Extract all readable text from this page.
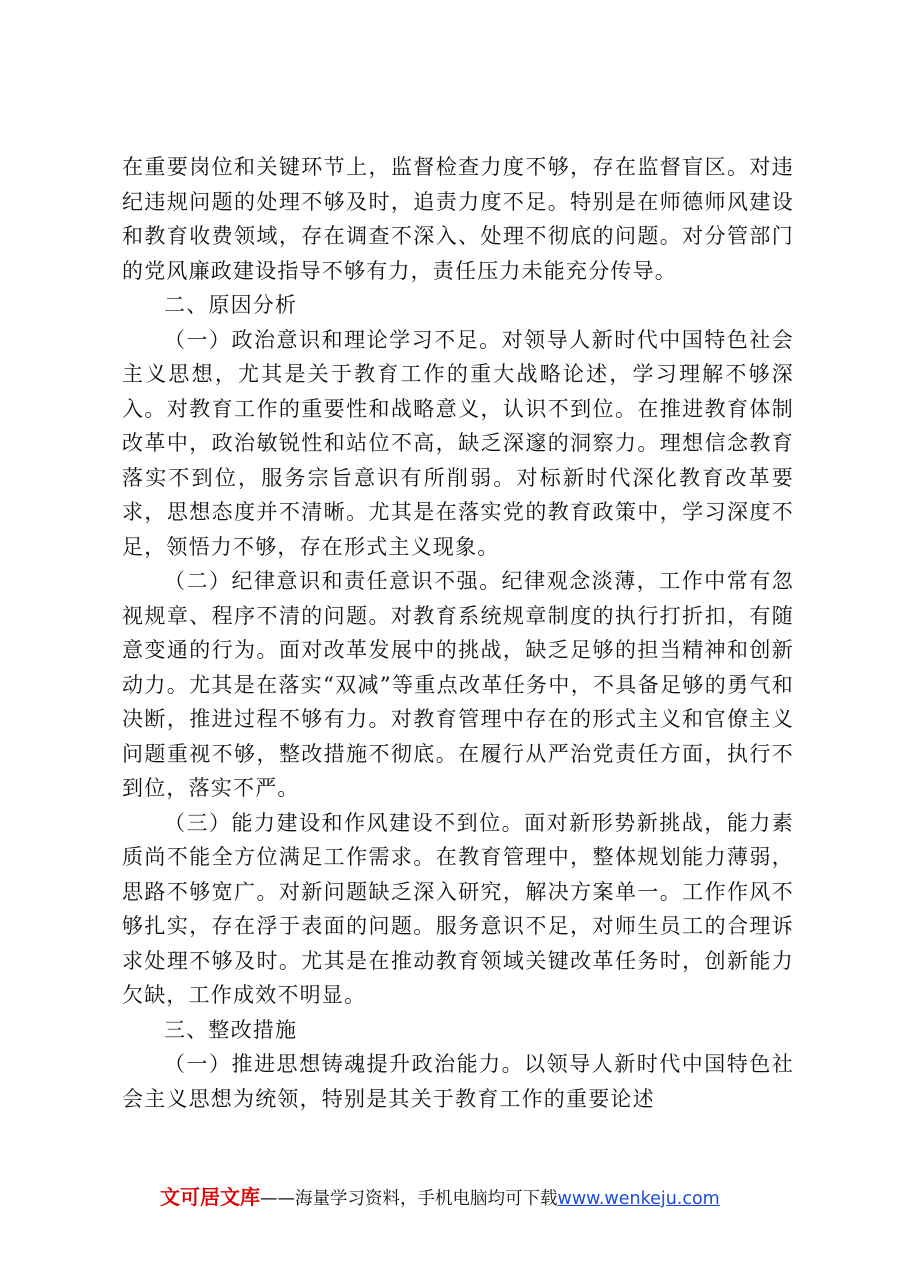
在重要岗位和关键环节上，监督检查力度不够，存在监督盲区。对违纪违规问题的处理不够及时，追责力度不足。特别是在师德师风建设和教育收费领域，存在调查不深入、处理不彻底的问题。对分管部门的党风廉政建设指导不够有力，责任压力未能充分传导。

二、原因分析

（一）政治意识和理论学习不足。对领导人新时代中国特色社会主义思想，尤其是关于教育工作的重大战略论述，学习理解不够深入。对教育工作的重要性和战略意义，认识不到位。在推进教育体制改革中，政治敏锐性和站位不高，缺乏深邃的洞察力。理想信念教育落实不到位，服务宗旨意识有所削弱。对标新时代深化教育改革要求，思想态度并不清晰。尤其是在落实党的教育政策中，学习深度不足，领悟力不够，存在形式主义现象。

（二）纪律意识和责任意识不强。纪律观念淡薄，工作中常有忽视规章、程序不清的问题。对教育系统规章制度的执行打折扣，有随意变通的行为。面对改革发展中的挑战，缺乏足够的担当精神和创新动力。尤其是在落实“双减”等重点改革任务中，不具备足够的勇气和决断，推进过程不够有力。对教育管理中存在的形式主义和官僚主义问题重视不够，整改措施不彻底。在履行从严治党责任方面，执行不到位，落实不严。

（三）能力建设和作风建设不到位。面对新形势新挑战，能力素质尚不能全方位满足工作需求。在教育管理中，整体规划能力薄弱，思路不够宽广。对新问题缺乏深入研究，解决方案单一。工作作风不够扎实，存在浮于表面的问题。服务意识不足，对师生员工的合理诉求处理不够及时。尤其是在推动教育领域关键改革任务时，创新能力欠缺，工作成效不明显。

三、整改措施

（一）推进思想铸魂提升政治能力。以领导人新时代中国特色社会主义思想为统领，特别是其关于教育工作的重要论述

文可居文库——海量学习资料，手机电脑均可下载www.wenkeju.com
